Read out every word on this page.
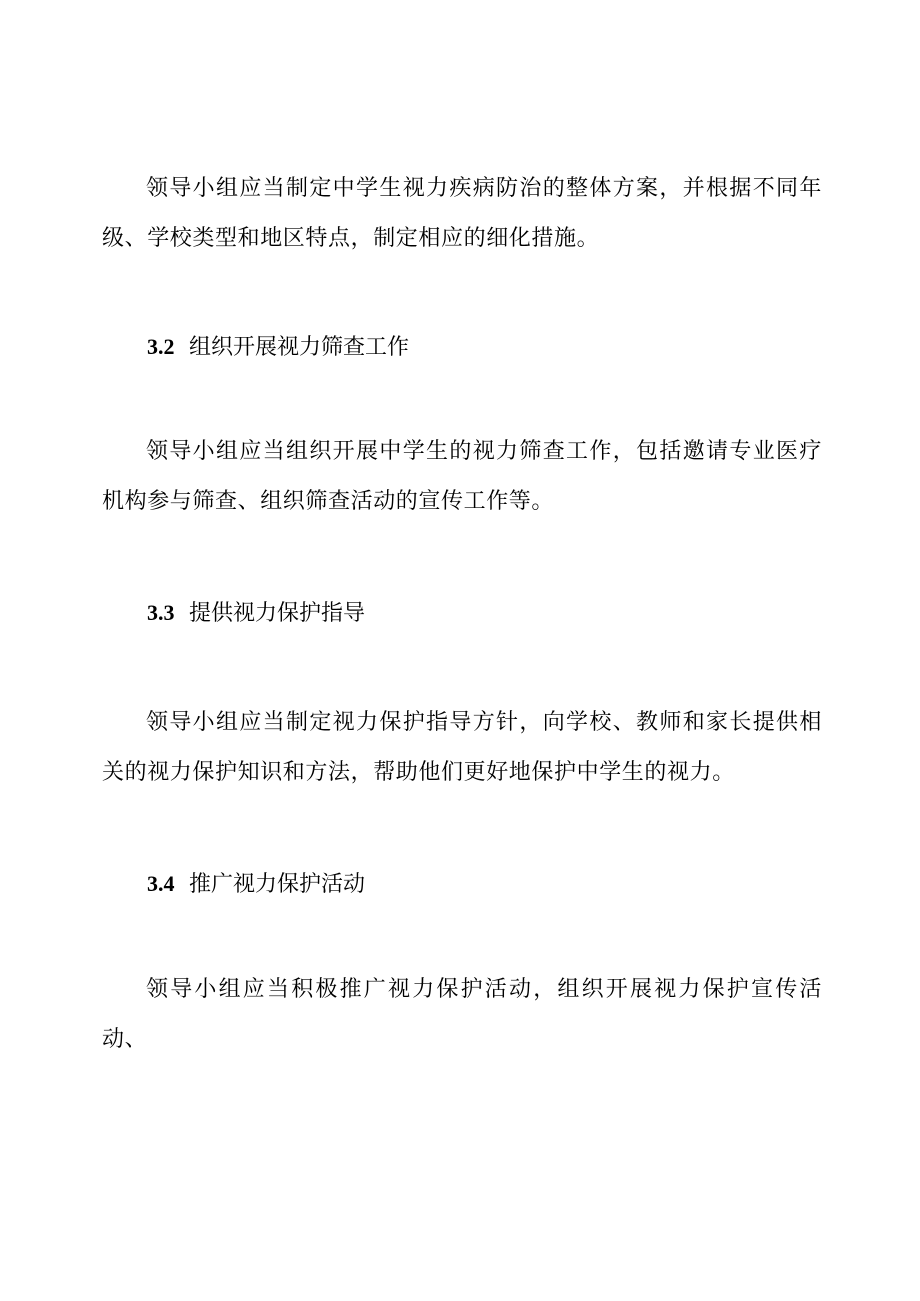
领导小组应当制定中学生视力疾病防治的整体方案，并根据不同年级、学校类型和地区特点，制定相应的细化措施。

3.2 组织开展视力筛查工作

领导小组应当组织开展中学生的视力筛查工作，包括邀请专业医疗机构参与筛查、组织筛查活动的宣传工作等。

3.3 提供视力保护指导

领导小组应当制定视力保护指导方针，向学校、教师和家长提供相关的视力保护知识和方法，帮助他们更好地保护中学生的视力。

3.4 推广视力保护活动

领导小组应当积极推广视力保护活动，组织开展视力保护宣传活动、
